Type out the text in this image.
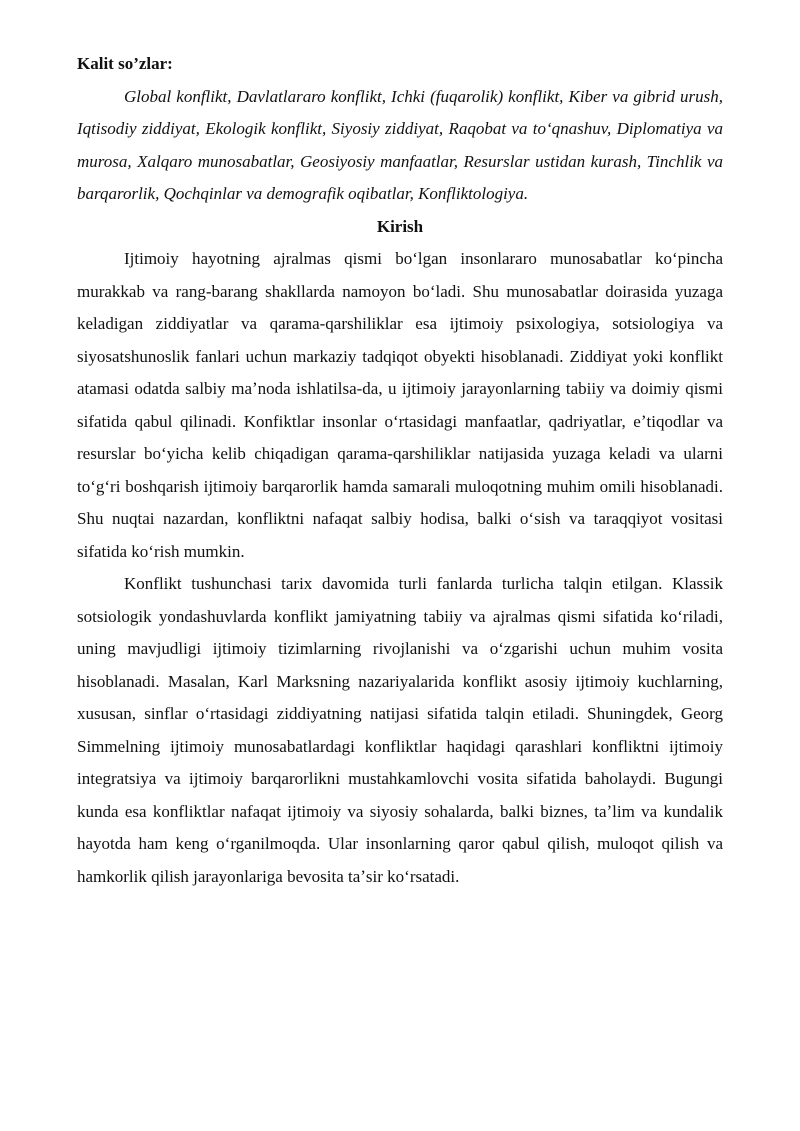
Kalit so’zlar:

Global konflikt, Davlatlararo konflikt, Ichki (fuqarolik) konflikt, Kiber va gibrid urush, Iqtisodiy ziddiyat, Ekologik konflikt, Siyosiy ziddiyat, Raqobat va toʻqnashuv, Diplomatiya va murosa, Xalqaro munosabatlar, Geosiyosiy manfaatlar, Resurslar ustidan kurash, Tinchlik va barqarorlik, Qochqinlar va demografik oqibatlar, Konfliktologiya.

Kirish

Ijtimoiy hayotning ajralmas qismi boʻlgan insonlararo munosabatlar koʻpincha murakkab va rang-barang shakllarda namoyon boʻladi. Shu munosabatlar doirasida yuzaga keladigan ziddiyatlar va qarama-qarshiliklar esa ijtimoiy psixologiya, sotsiologiya va siyosatshunoslik fanlari uchun markaziy tadqiqot obyekti hisoblanadi. Ziddiyat yoki konflikt atamasi odatda salbiy maʼnoda ishlatilsa-da, u ijtimoiy jarayonlarning tabiiy va doimiy qismi sifatida qabul qilinadi. Konfiktlar insonlar oʻrtasidagi manfaatlar, qadriyatlar, eʼtiqodlar va resurslar boʻyicha kelib chiqadigan qarama-qarshiliklar natijasida yuzaga keladi va ularni toʻgʻri boshqarish ijtimoiy barqarorlik hamda samarali muloqotning muhim omili hisoblanadi. Shu nuqtai nazardan, konfliktni nafaqat salbiy hodisa, balki oʻsish va taraqqiyot vositasi sifatida koʻrish mumkin.

Konflikt tushunchasi tarix davomida turli fanlarda turlicha talqin etilgan. Klassik sotsiologik yondashuvlarda konflikt jamiyatning tabiiy va ajralmas qismi sifatida koʻriladi, uning mavjudligi ijtimoiy tizimlarning rivojlanishi va oʻzgarishi uchun muhim vosita hisoblanadi. Masalan, Karl Marksning nazariyalarida konflikt asosiy ijtimoiy kuchlarning, xususan, sinflar oʻrtasidagi ziddiyatning natijasi sifatida talqin etiladi. Shuningdek, Georg Simmelning ijtimoiy munosabatlardagi konfliktlar haqidagi qarashlari konfliktni ijtimoiy integratsiya va ijtimoiy barqarorlikni mustahkamlovchi vosita sifatida baholaydi. Bugungi kunda esa konfliktlar nafaqat ijtimoiy va siyosiy sohalarda, balki biznes, taʼlim va kundalik hayotda ham keng oʻrganilmoqda. Ular insonlarning qaror qabul qilish, muloqot qilish va hamkorlik qilish jarayonlariga bevosita taʼsir koʻrsatadi.
